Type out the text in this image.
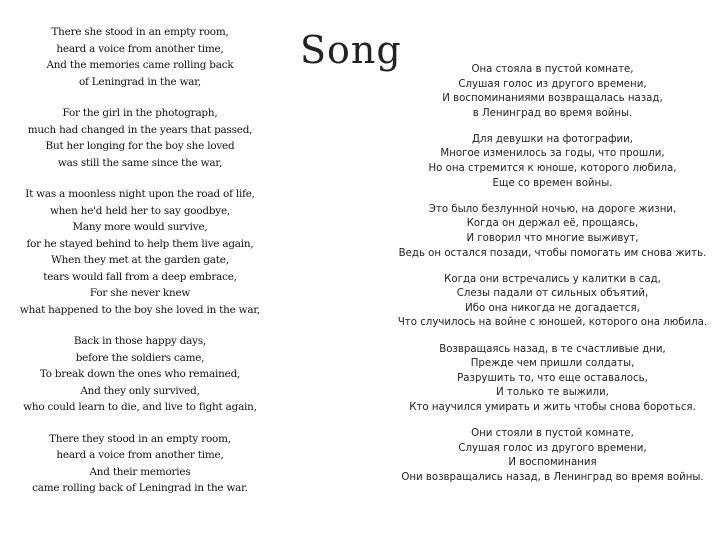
There she stood in an empty room,
heard a voice from another time,
And the memories came rolling back
of Leningrad in the war,
For the girl in the photograph,
much had changed in the years that passed,
But her longing for the boy she loved
was still the same since the war,
It was a moonless night upon the road of life,
when he'd held her to say goodbye,
Many more would survive,
for he stayed behind to help them live again,
When they met at the garden gate,
tears would fall from a deep embrace,
For she never knew
what happened to the boy she loved in the war,
Back in those happy days,
before the soldiers came,
To break down the ones who remained,
And they only survived,
who could learn to die, and live to fight again,
There they stood in an empty room,
heard a voice from another time,
And their memories
came rolling back of Leningrad in the war.
Song	Она стояла в пустой комнате,
Слушая голос из другого времени,
И воспоминаниями возвращалась назад,
в Ленинград во время войны.
Для девушки на фотографии,
Многое изменилось за годы, что прошли,
Но она стремится к юноше, которого любила,
Еще со времен войны.
Это было безлунной ночью, на дороге жизни,
Когда он держал её, прощаясь,
И говорил что многие выживут,
Ведь он остался позади, чтобы помогать им снова жить.
Когда они встречались у калитки в сад,
Слезы падали от сильных объятий,
Ибо она никогда не догадается,
Что случилось на войне с юношей, которого она любила.
Возвращаясь назад, в те счастливые дни,
Прежде чем пришли солдаты,
Разрушить то, что еще оставалось,
И только те выжили,
Кто научился умирать и жить чтобы снова бороться.
Они стояли в пустой комнате,
Слушая голос из другого времени,
И воспоминания
Они возвращались назад, в Ленинград во время войны.
